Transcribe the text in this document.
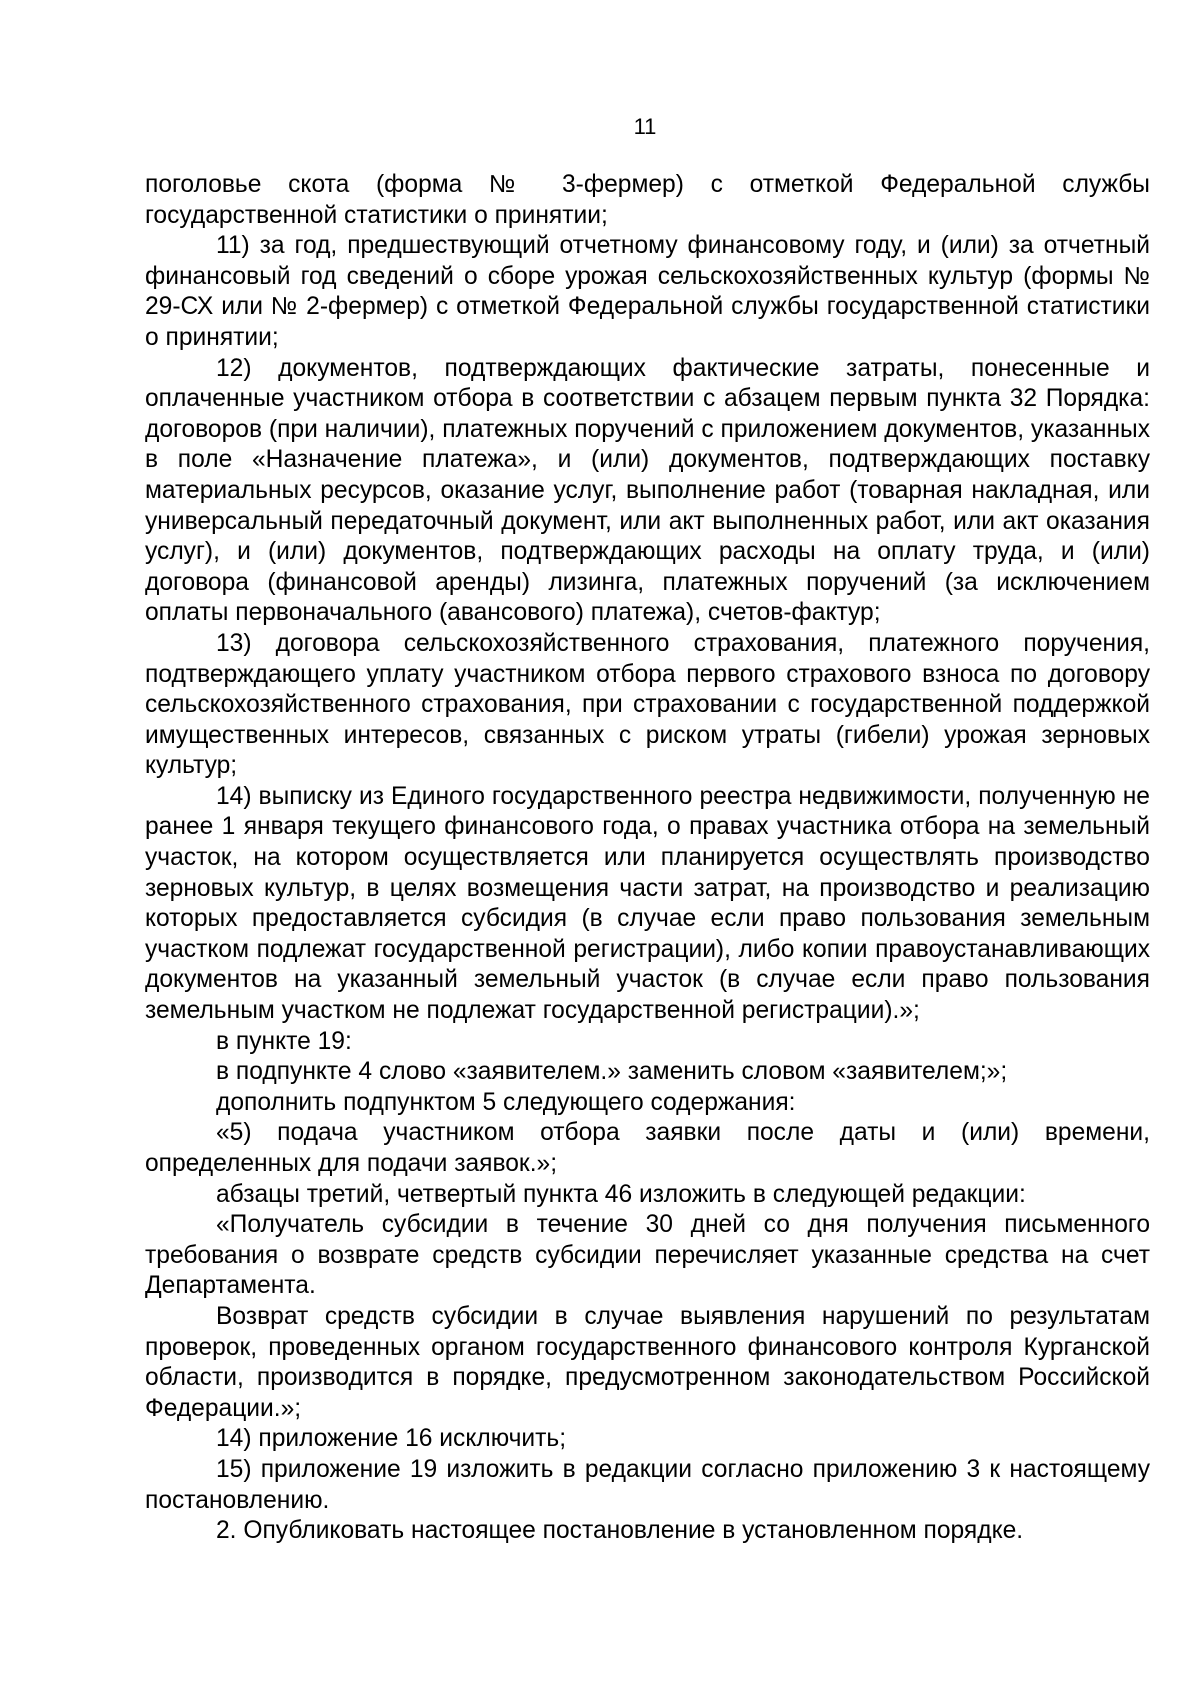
11

поголовье скота (форма № 3-фермер) с отметкой Федеральной службы государственной статистики о принятии;

11) за год, предшествующий отчетному финансовому году, и (или) за отчетный финансовый год сведений о сборе урожая сельскохозяйственных культур (формы № 29-СХ или № 2-фермер) с отметкой Федеральной службы государственной статистики о принятии;

12) документов, подтверждающих фактические затраты, понесенные и оплаченные участником отбора в соответствии с абзацем первым пункта 32 Порядка: договоров (при наличии), платежных поручений с приложением документов, указанных в поле «Назначение платежа», и (или) документов, подтверждающих поставку материальных ресурсов, оказание услуг, выполнение работ (товарная накладная, или универсальный передаточный документ, или акт выполненных работ, или акт оказания услуг), и (или) документов, подтверждающих расходы на оплату труда, и (или) договора (финансовой аренды) лизинга, платежных поручений (за исключением оплаты первоначального (авансового) платежа), счетов-фактур;

13) договора сельскохозяйственного страхования, платежного поручения, подтверждающего уплату участником отбора первого страхового взноса по договору сельскохозяйственного страхования, при страховании с государственной поддержкой имущественных интересов, связанных с риском утраты (гибели) урожая зерновых культур;

14) выписку из Единого государственного реестра недвижимости, полученную не ранее 1 января текущего финансового года, о правах участника отбора на земельный участок, на котором осуществляется или планируется осуществлять производство зерновых культур, в целях возмещения части затрат, на производство и реализацию которых предоставляется субсидия (в случае если право пользования земельным участком подлежат государственной регистрации), либо копии правоустанавливающих документов на указанный земельный участок (в случае если право пользования земельным участком не подлежат государственной регистрации).»;

в пункте 19:

в подпункте 4 слово «заявителем.» заменить словом «заявителем;»;

дополнить подпунктом 5 следующего содержания:

«5) подача участником отбора заявки после даты и (или) времени, определенных для подачи заявок.»;

абзацы третий, четвертый пункта 46 изложить в следующей редакции:

«Получатель субсидии в течение 30 дней со дня получения письменного требования о возврате средств субсидии перечисляет указанные средства на счет Департамента.

Возврат средств субсидии в случае выявления нарушений по результатам проверок, проведенных органом государственного финансового контроля Курганской области, производится в порядке, предусмотренном законодательством Российской Федерации.»;

14) приложение 16 исключить;

15) приложение 19 изложить в редакции согласно приложению 3 к настоящему постановлению.

2. Опубликовать настоящее постановление в установленном порядке.
